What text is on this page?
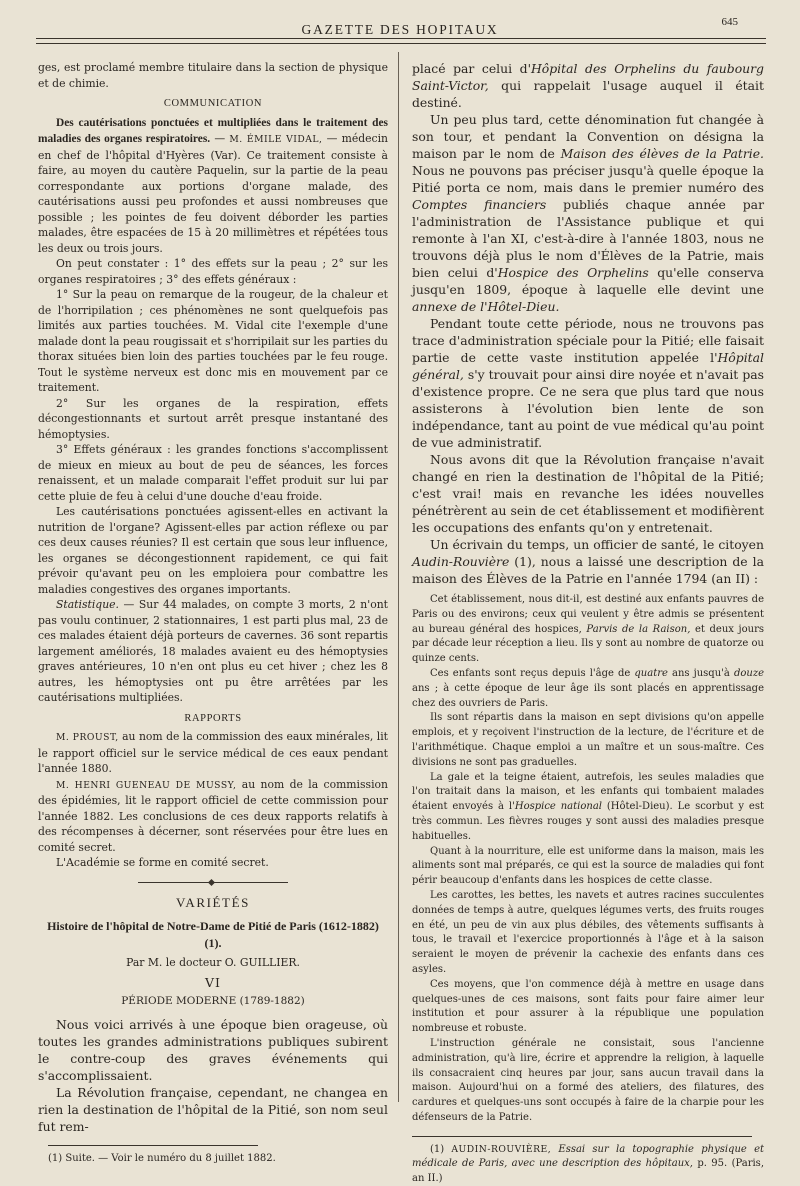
GAZETTE DES HOPITAUX	645

ges, est proclamé membre titulaire dans la section de physique et de chimie.

COMMUNICATION

Des cautérisations ponctuées et multipliées dans le traitement des maladies des organes respiratoires. — M. ÉMILE VIDAL, — médecin en chef de l'hôpital d'Hyères (Var). Ce traitement consiste à faire, au moyen du cautère Paquelin, sur la partie de la peau correspondante aux portions d'organe malade, des cautérisations aussi peu profondes et aussi nombreuses que possible ; les pointes de feu doivent déborder les parties malades, être espacées de 15 à 20 millimètres et répétées tous les deux ou trois jours.

On peut constater : 1° des effets sur la peau ; 2° sur les organes respiratoires ; 3° des effets généraux :

1° Sur la peau on remarque de la rougeur, de la chaleur et de l'horripilation ; ces phénomènes ne sont quelquefois pas limités aux parties touchées. M. Vidal cite l'exemple d'une malade dont la peau rougissait et s'horripilait sur les parties du thorax situées bien loin des parties touchées par le feu rouge. Tout le système nerveux est donc mis en mouvement par ce traitement.

2° Sur les organes de la respiration, effets décongestionnants et surtout arrêt presque instantané des hémoptysies.

3° Effets généraux : les grandes fonctions s'accomplissent de mieux en mieux au bout de peu de séances, les forces renaissent, et un malade comparait l'effet produit sur lui par cette pluie de feu à celui d'une douche d'eau froide.

Les cautérisations ponctuées agissent-elles en activant la nutrition de l'organe? Agissent-elles par action réflexe ou par ces deux causes réunies? Il est certain que sous leur influence, les organes se décongestionnent rapidement, ce qui fait prévoir qu'avant peu on les emploiera pour combattre les maladies congestives des organes importants.

Statistique. — Sur 44 malades, on compte 3 morts, 2 n'ont pas voulu continuer, 2 stationnaires, 1 est parti plus mal, 23 de ces malades étaient déjà porteurs de cavernes. 36 sont repartis largement améliorés, 18 malades avaient eu des hémoptysies graves antérieures, 10 n'en ont plus eu cet hiver ; chez les 8 autres, les hémoptysies ont pu être arrêtées par les cautérisations multipliées.

RAPPORTS

M. PROUST, au nom de la commission des eaux minérales, lit le rapport officiel sur le service médical de ces eaux pendant l'année 1880.

M. HENRI GUENEAU DE MUSSY, au nom de la commission des épidémies, lit le rapport officiel de cette commission pour l'année 1882. Les conclusions de ces deux rapports relatifs à des récompenses à décerner, sont réservées pour être lues en comité secret.

L'Académie se forme en comité secret.

VARIÉTÉS
Histoire de l'hôpital de Notre-Dame de Pitié de Paris (1612-1882) (1).
Par M. le docteur O. GUILLIER.
VI
PÉRIODE MODERNE (1789-1882)

Nous voici arrivés à une époque bien orageuse, où toutes les grandes administrations publiques subirent le contre-coup des graves événements qui s'accomplissaient.

La Révolution française, cependant, ne changea en rien la destination de l'hôpital de la Pitié, son nom seul fut rem-

(1) Suite. — Voir le numéro du 8 juillet 1882.

placé par celui d'Hôpital des Orphelins du faubourg Saint-Victor, qui rappelait l'usage auquel il était destiné.

Un peu plus tard, cette dénomination fut changée à son tour, et pendant la Convention on désigna la maison par le nom de Maison des élèves de la Patrie. Nous ne pouvons pas préciser jusqu'à quelle époque la Pitié porta ce nom, mais dans le premier numéro des Comptes financiers publiés chaque année par l'administration de l'Assistance publique et qui remonte à l'an XI, c'est-à-dire à l'année 1803, nous ne trouvons déjà plus le nom d'Élèves de la Patrie, mais bien celui d'Hospice des Orphelins qu'elle conserva jusqu'en 1809, époque à laquelle elle devint une annexe de l'Hôtel-Dieu.

Pendant toute cette période, nous ne trouvons pas trace d'administration spéciale pour la Pitié; elle faisait partie de cette vaste institution appelée l'Hôpital général, s'y trouvait pour ainsi dire noyée et n'avait pas d'existence propre. Ce ne sera que plus tard que nous assisterons à l'évolution bien lente de son indépendance, tant au point de vue médical qu'au point de vue administratif.

Nous avons dit que la Révolution française n'avait changé en rien la destination de l'hôpital de la Pitié; c'est vrai! mais en revanche les idées nouvelles pénétrèrent au sein de cet établissement et modifièrent les occupations des enfants qu'on y entretenait.

Un écrivain du temps, un officier de santé, le citoyen Audin-Rouvière (1), nous a laissé une description de la maison des Élèves de la Patrie en l'année 1794 (an II) :

Cet établissement, nous dit-il, est destiné aux enfants pauvres de Paris ou des environs; ceux qui veulent y être admis se présentent au bureau général des hospices, Parvis de la Raison, et deux jours par décade leur réception a lieu. Ils y sont au nombre de quatorze ou quinze cents.

Ces enfants sont reçus depuis l'âge de quatre ans jusqu'à douze ans ; à cette époque de leur âge ils sont placés en apprentissage chez des ouvriers de Paris.

Ils sont répartis dans la maison en sept divisions qu'on appelle emplois, et y reçoivent l'instruction de la lecture, de l'écriture et de l'arithmétique. Chaque emploi a un maître et un sous-maître. Ces divisions ne sont pas graduelles.

La gale et la teigne étaient, autrefois, les seules maladies que l'on traitait dans la maison, et les enfants qui tombaient malades étaient envoyés à l'Hospice national (Hôtel-Dieu). Le scorbut y est très commun. Les fièvres rouges y sont aussi des maladies presque habituelles.

Quant à la nourriture, elle est uniforme dans la maison, mais les aliments sont mal préparés, ce qui est la source de maladies qui font périr beaucoup d'enfants dans les hospices de cette classe.

Les carottes, les bettes, les navets et autres racines succulentes données de temps à autre, quelques légumes verts, des fruits rouges en été, un peu de vin aux plus débiles, des vêtements suffisants à tous, le travail et l'exercice proportionnés à l'âge et à la saison seraient le moyen de prévenir la cachexie des enfants dans ces asyles.

Ces moyens, que l'on commence déjà à mettre en usage dans quelques-unes de ces maisons, sont faits pour faire aimer leur institution et pour assurer à la république une population nombreuse et robuste.

L'instruction générale ne consistait, sous l'ancienne administration, qu'à lire, écrire et apprendre la religion, à laquelle ils consacraient cinq heures par jour, sans aucun travail dans la maison. Aujourd'hui on a formé des ateliers, des filatures, des cardures et quelques-uns sont occupés à faire de la charpie pour les défenseurs de la Patrie.

(1) AUDIN-ROUVIÈRE, Essai sur la topographie physique et médicale de Paris, avec une description des hôpitaux, p. 95. (Paris, an II.)
